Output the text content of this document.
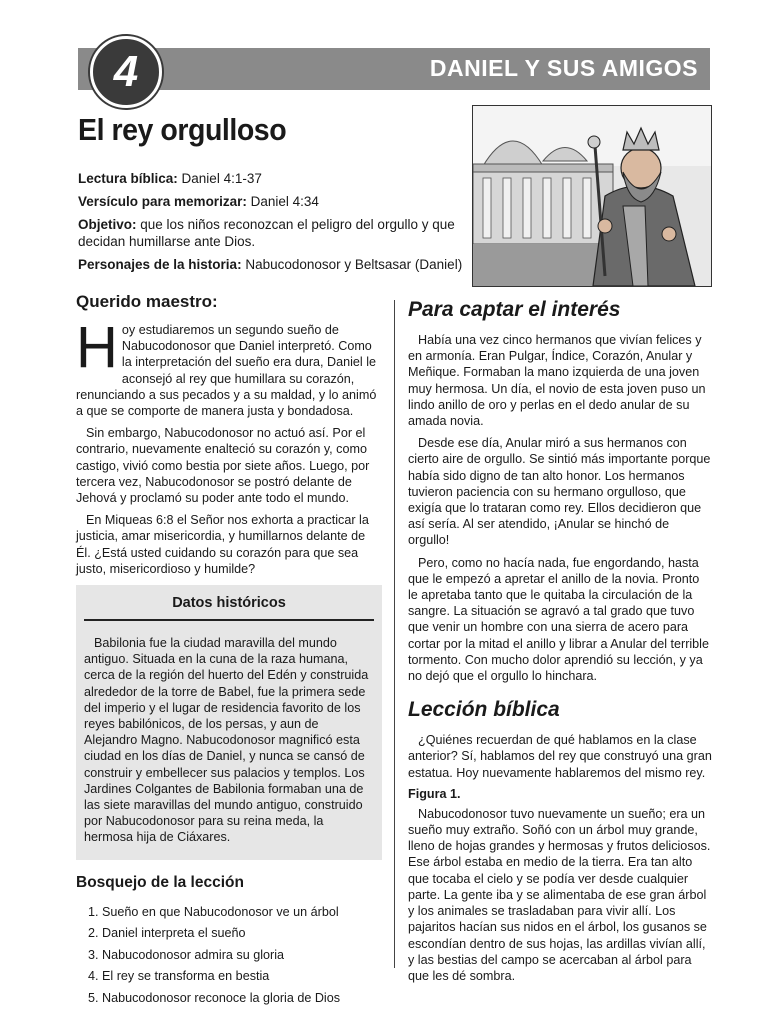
DANIEL Y SUS AMIGOS
4
El rey orgulloso

Lectura bíblica: Daniel 4:1-37

Versículo para memorizar: Daniel 4:34

Objetivo: que los niños reconozcan el peligro del orgullo y que decidan humillarse ante Dios.

Personajes de la historia: Nabucodonosor y Beltsasar (Daniel)

Querido maestro:

Hoy estudiaremos un segundo sueño de Nabucodonosor que Daniel interpretó. Como la interpretación del sueño era dura, Daniel le aconsejó al rey que humillara su corazón, renunciando a sus pecados y a su maldad, y lo animó a que se comporte de manera justa y bondadosa.

Sin embargo, Nabucodonosor no actuó así. Por el contrario, nuevamente enalteció su corazón y, como castigo, vivió como bestia por siete años. Luego, por tercera vez, Nabucodonosor se postró delante de Jehová y proclamó su poder ante todo el mundo.

En Miqueas 6:8 el Señor nos exhorta a practicar la justicia, amar misericordia, y humillarnos delante de Él. ¿Está usted cuidando su corazón para que sea justo, misericordioso y humilde?

Datos históricos

Babilonia fue la ciudad maravilla del mundo antiguo. Situada en la cuna de la raza humana, cerca de la región del huerto del Edén y construida alrededor de la torre de Babel, fue la primera sede del imperio y el lugar de residencia favorito de los reyes babilónicos, de los persas, y aun de Alejandro Magno. Nabucodonosor magnificó esta ciudad en los días de Daniel, y nunca se cansó de construir y embellecer sus palacios y templos. Los Jardines Colgantes de Babilonia formaban una de las siete maravillas del mundo antiguo, construido por Nabucodonosor para su reina meda, la hermosa hija de Ciáxares.

Bosquejo de la lección
1. Sueño en que Nabucodonosor ve un árbol
2. Daniel interpreta el sueño
3. Nabucodonosor admira su gloria
4. El rey se transforma en bestia
5. Nabucodonosor reconoce la gloria de Dios
Para captar el interés

Había una vez cinco hermanos que vivían felices y en armonía. Eran Pulgar, Índice, Corazón, Anular y Meñique. Formaban la mano izquierda de una joven muy hermosa. Un día, el novio de esta joven puso un lindo anillo de oro y perlas en el dedo anular de su amada novia.

Desde ese día, Anular miró a sus hermanos con cierto aire de orgullo. Se sintió más importante porque había sido digno de tan alto honor. Los hermanos tuvieron paciencia con su hermano orgulloso, que exigía que lo trataran como rey. Ellos decidieron que así sería. Al ser atendido, ¡Anular se hinchó de orgullo!

Pero, como no hacía nada, fue engordando, hasta que le empezó a apretar el anillo de la novia. Pronto le apretaba tanto que le quitaba la circulación de la sangre. La situación se agravó a tal grado que tuvo que venir un hombre con una sierra de acero para cortar por la mitad el anillo y librar a Anular del terrible tormento. Con mucho dolor aprendió su lección, y ya no dejó que el orgullo lo hinchara.

Lección bíblica

¿Quiénes recuerdan de qué hablamos en la clase anterior? Sí, hablamos del rey que construyó una gran estatua. Hoy nuevamente hablaremos del mismo rey.

Figura 1.

Nabucodonosor tuvo nuevamente un sueño; era un sueño muy extraño. Soñó con un árbol muy grande, lleno de hojas grandes y hermosas y frutos deliciosos. Ese árbol estaba en medio de la tierra. Era tan alto que tocaba el cielo y se podía ver desde cualquier parte. La gente iba y se alimentaba de ese gran árbol y los animales se trasladaban para vivir allí. Los pajaritos hacían sus nidos en el árbol, los gusanos se escondían dentro de sus hojas, las ardillas vivían allí, y las bestias del campo se acercaban al árbol para que les dé sombra.
